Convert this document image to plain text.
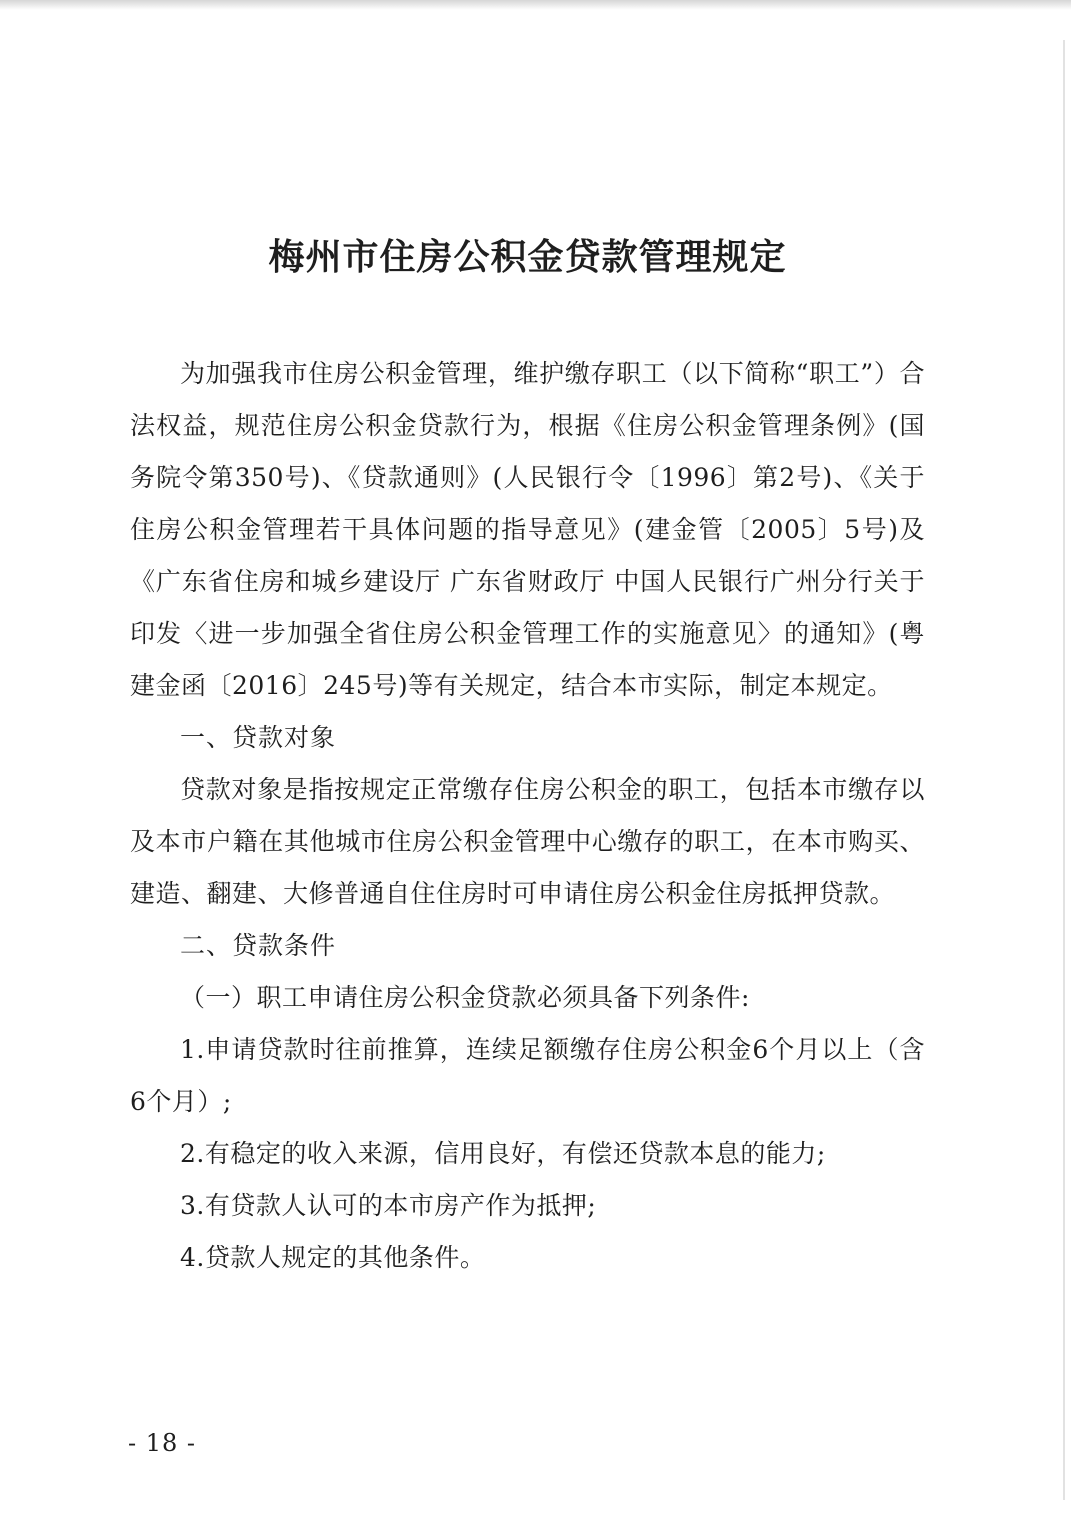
梅州市住房公积金贷款管理规定

为加强我市住房公积金管理，维护缴存职工（以下简称“职工”）合法权益，规范住房公积金贷款行为，根据《住房公积金管理条例》(国务院令第350号)、《贷款通则》(人民银行令〔1996〕第2号)、《关于住房公积金管理若干具体问题的指导意见》(建金管〔2005〕5号)及《广东省住房和城乡建设厅 广东省财政厅 中国人民银行广州分行关于印发〈进一步加强全省住房公积金管理工作的实施意见〉的通知》(粤建金函〔2016〕245号)等有关规定，结合本市实际，制定本规定。

一、贷款对象

贷款对象是指按规定正常缴存住房公积金的职工，包括本市缴存以及本市户籍在其他城市住房公积金管理中心缴存的职工，在本市购买、建造、翻建、大修普通自住住房时可申请住房公积金住房抵押贷款。

二、贷款条件

（一）职工申请住房公积金贷款必须具备下列条件:

1.申请贷款时往前推算，连续足额缴存住房公积金6个月以上（含6个月）;

2.有稳定的收入来源，信用良好，有偿还贷款本息的能力;

3.有贷款人认可的本市房产作为抵押;

4.贷款人规定的其他条件。

- 18 -
